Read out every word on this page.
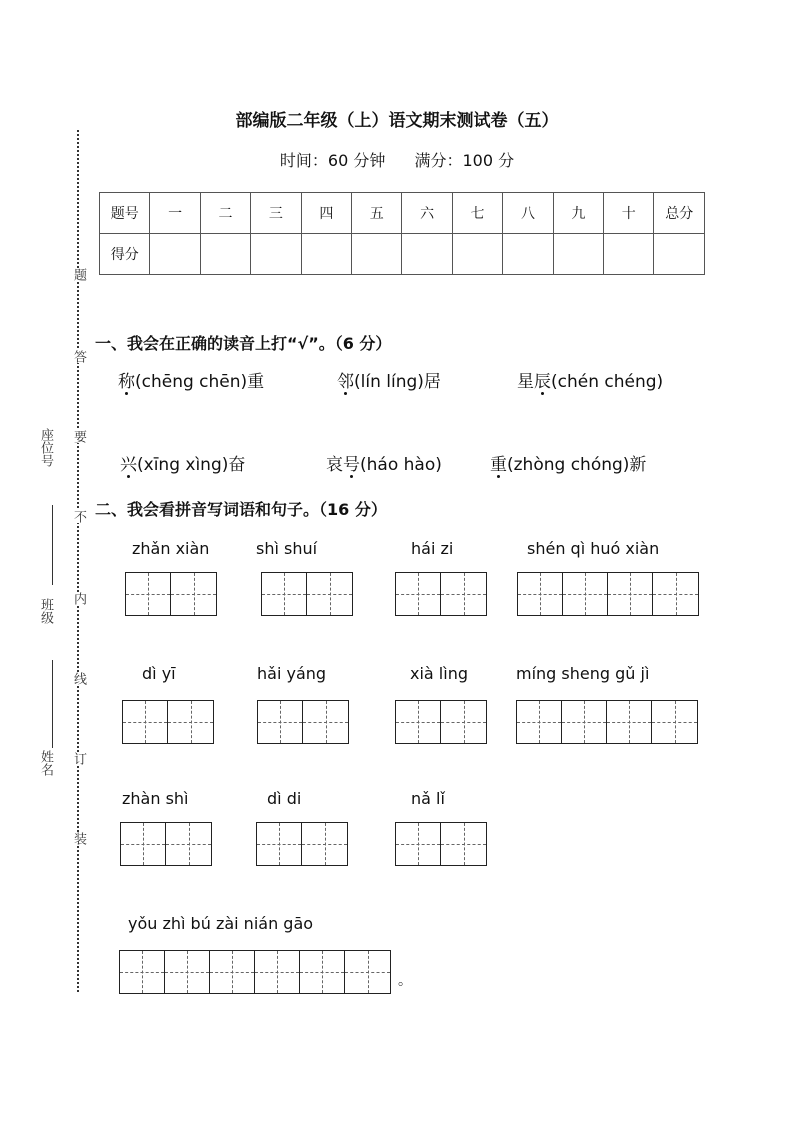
题
答
要
不
内
线
订
装
座位号
班级
姓名
部编版二年级（上）语文期末测试卷（五）
时间：60 分钟 满分：100 分
题号	一	二	三	四	五	六	七	八	九	十	总分
得分											
一、我会在正确的读音上打“√”。（6 分）
称(chēng chēn)重	邻(lín líng)居	星辰(chén chéng)
兴(xīng xìng)奋	哀号(háo hào)	重(zhòng chóng)新
二、我会看拼音写词语和句子。（16 分）
zhǎn xiàn	shì shuí	hái zi	shén qì huó xiàn
dì yī	hǎi yáng	xià lìng	míng sheng gǔ jì
zhàn shì	dì di	nǎ lǐ
yǒu zhì bú zài nián gāo
。
